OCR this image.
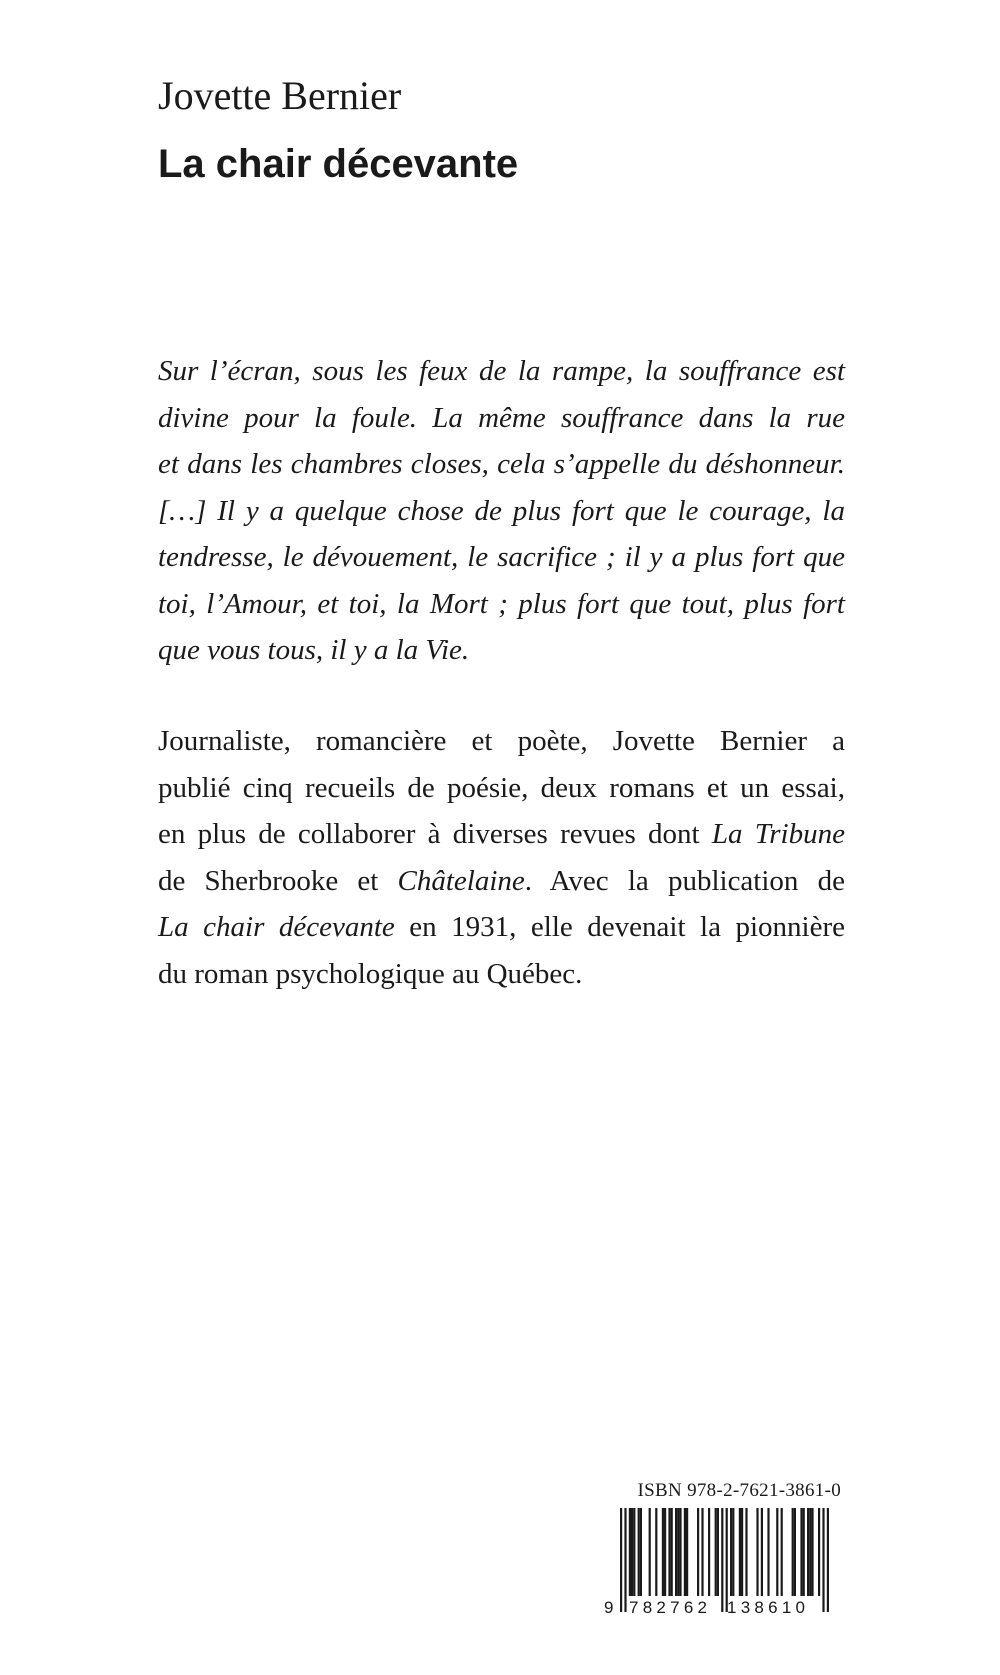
Jovette Bernier
La chair décevante
Sur l’écran, sous les feux de la rampe, la souffrance est
divine pour la foule. La même souffrance dans la rue
et dans les chambres closes, cela s’appelle du déshonneur.
[…] Il y a quelque chose de plus fort que le courage, la
tendresse, le dévouement, le sacrifice ; il y a plus fort que
toi, l’Amour, et toi, la Mort ; plus fort que tout, plus fort
que vous tous, il y a la Vie.
Journaliste, romancière et poète, Jovette Bernier a
publié cinq recueils de poésie, deux romans et un essai,
en plus de collaborer à diverses revues dont La Tribune
de Sherbrooke et Châtelaine. Avec la publication de
La chair décevante en 1931, elle devenait la pionnière
du roman psychologique au Québec.
ISBN 978-2-7621-3861-0
9 782762 138610
